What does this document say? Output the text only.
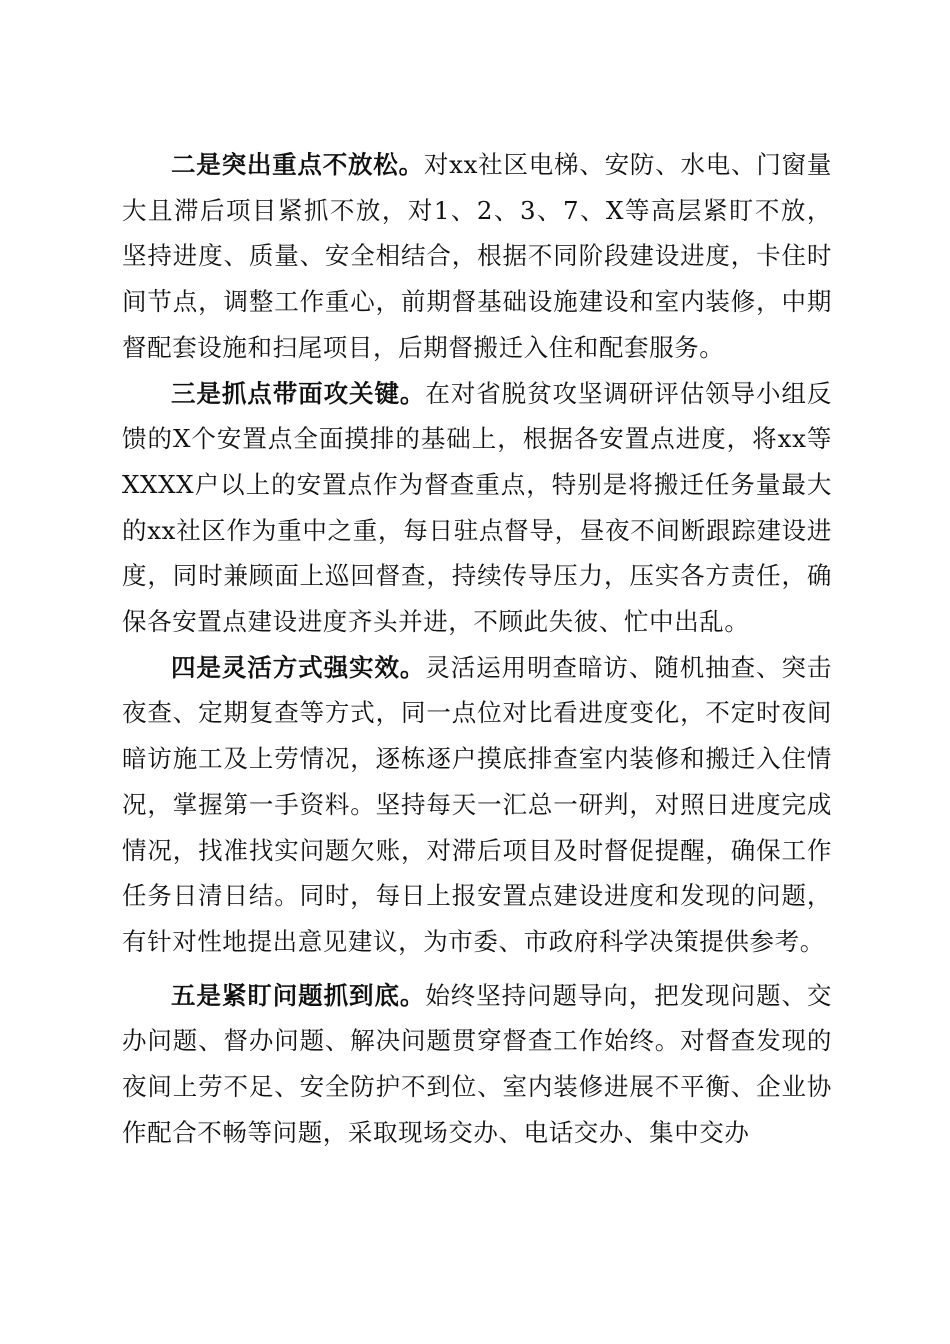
二是突出重点不放松。对xx社区电梯、安防、水电、门窗量大且滞后项目紧抓不放，对1、2、3、7、X等高层紧盯不放，坚持进度、质量、安全相结合，根据不同阶段建设进度，卡住时间节点，调整工作重心，前期督基础设施建设和室内装修，中期督配套设施和扫尾项目，后期督搬迁入住和配套服务。

三是抓点带面攻关键。在对省脱贫攻坚调研评估领导小组反馈的X个安置点全面摸排的基础上，根据各安置点进度，将xx等XXXX户以上的安置点作为督查重点，特别是将搬迁任务量最大的xx社区作为重中之重，每日驻点督导，昼夜不间断跟踪建设进度，同时兼顾面上巡回督查，持续传导压力，压实各方责任，确保各安置点建设进度齐头并进，不顾此失彼、忙中出乱。

四是灵活方式强实效。灵活运用明查暗访、随机抽查、突击夜查、定期复查等方式，同一点位对比看进度变化，不定时夜间暗访施工及上劳情况，逐栋逐户摸底排查室内装修和搬迁入住情况，掌握第一手资料。坚持每天一汇总一研判，对照日进度完成情况，找准找实问题欠账，对滞后项目及时督促提醒，确保工作任务日清日结。同时，每日上报安置点建设进度和发现的问题，有针对性地提出意见建议，为市委、市政府科学决策提供参考。

五是紧盯问题抓到底。始终坚持问题导向，把发现问题、交办问题、督办问题、解决问题贯穿督查工作始终。对督查发现的夜间上劳不足、安全防护不到位、室内装修进展不平衡、企业协作配合不畅等问题，采取现场交办、电话交办、集中交办
